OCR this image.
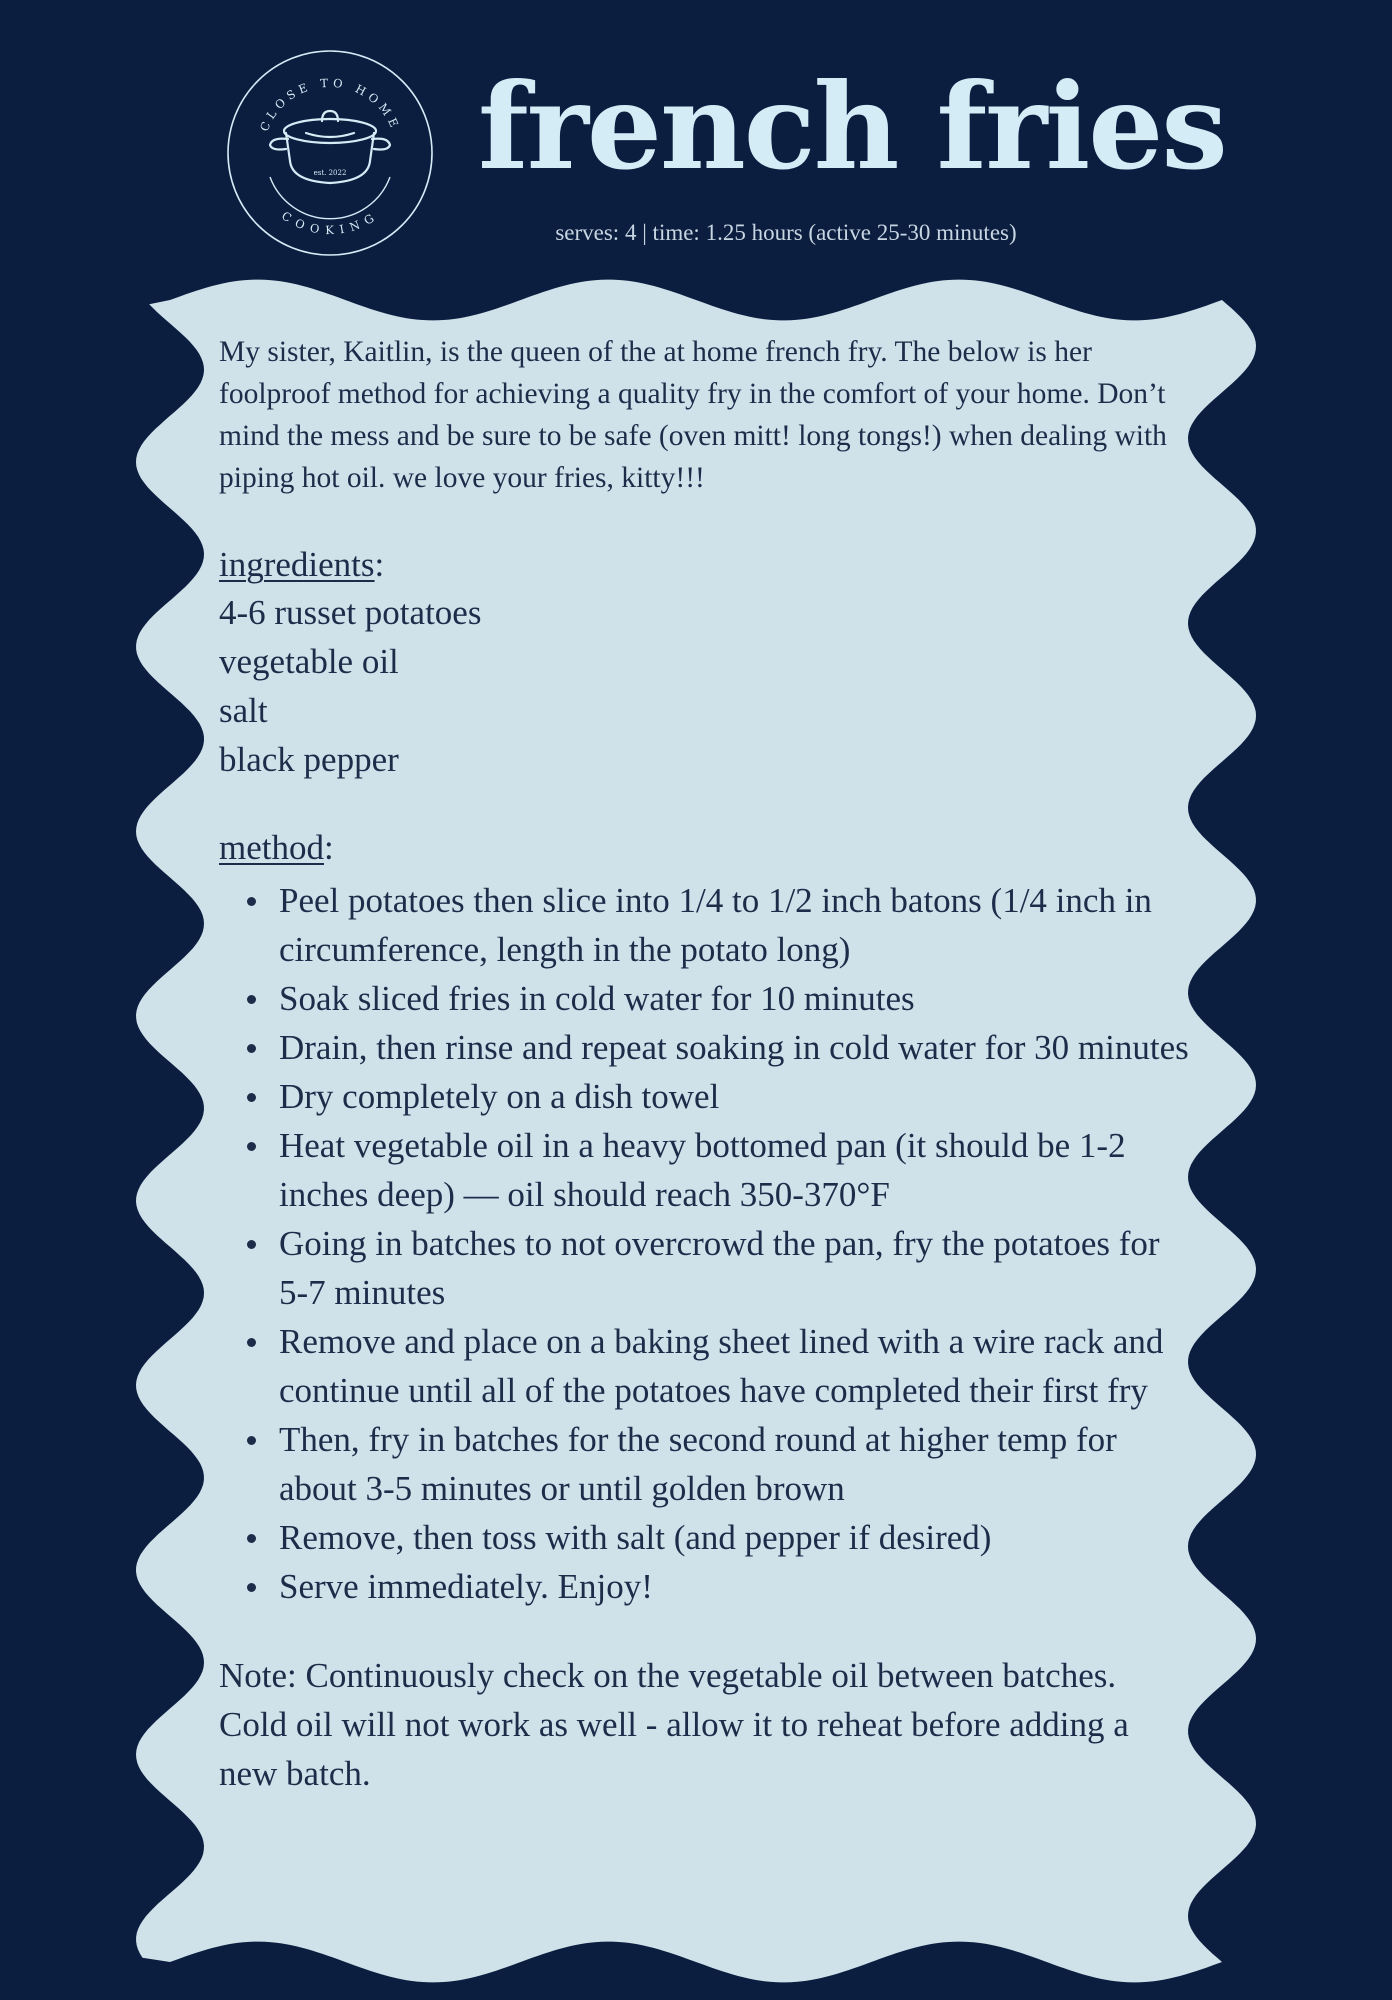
CLOSE TO HOME
COOKING
est. 2022 french fries
serves: 4 | time: 1.25 hours (active 25-30 minutes)

My sister, Kaitlin, is the queen of the at home french fry. The below is her foolproof method for achieving a quality fry in the comfort of your home. Don’t mind the mess and be sure to be safe (oven mitt! long tongs!) when dealing with piping hot oil. we love your fries, kitty!!!

ingredients:
4-6 russet potatoes
vegetable oil
salt
black pepper
method:
Peel potatoes then slice into 1/4 to 1/2 inch batons (1/4 inch in circumference, length in the potato long)
Soak sliced fries in cold water for 10 minutes
Drain, then rinse and repeat soaking in cold water for 30 minutes
Dry completely on a dish towel
Heat vegetable oil in a heavy bottomed pan (it should be 1-2 inches deep) — oil should reach 350-370°F
Going in batches to not overcrowd the pan, fry the potatoes for 5-7 minutes
Remove and place on a baking sheet lined with a wire rack and continue until all of the potatoes have completed their first fry
Then, fry in batches for the second round at higher temp for about 3-5 minutes or until golden brown
Remove, then toss with salt (and pepper if desired)
Serve immediately. Enjoy!

Note: Continuously check on the vegetable oil between batches. Cold oil will not work as well - allow it to reheat before adding a new batch.
